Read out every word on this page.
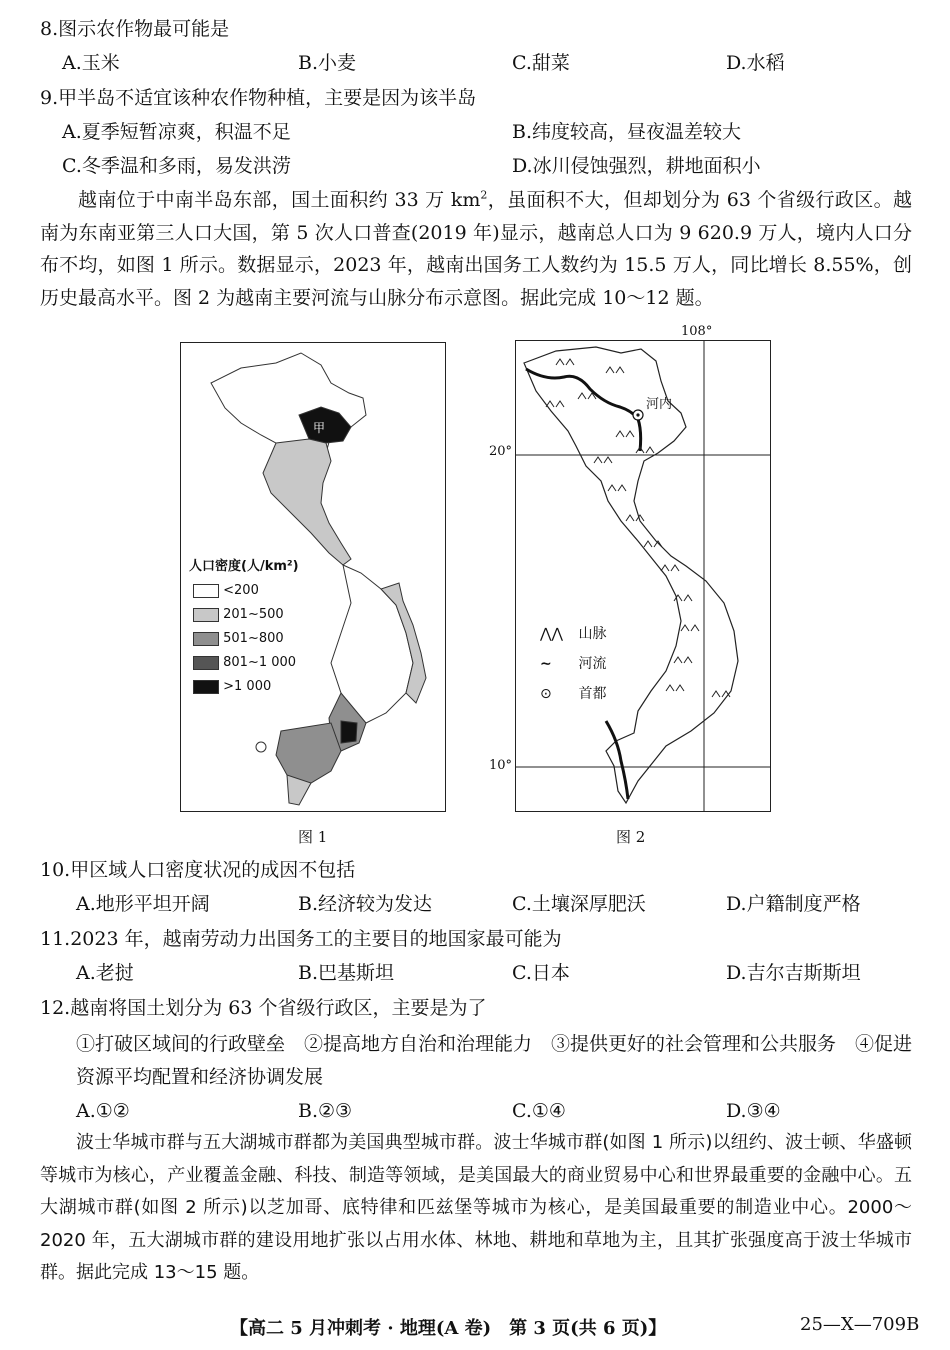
8.图示农作物最可能是
A.玉米	B.小麦	C.甜菜	D.水稻
9.甲半岛不适宜该种农作物种植，主要是因为该半岛
A.夏季短暂凉爽，积温不足	B.纬度较高，昼夜温差较大
C.冬季温和多雨，易发洪涝	D.冰川侵蚀强烈，耕地面积小
越南位于中南半岛东部，国土面积约 33 万 $km^2$，虽面积不大，但却划分为 63 个省级行政区。越南为东南亚第三人口大国，第 5 次人口普查(2019 年)显示，越南总人口为 9 620.9 万人，境内人口分布不均，如图 1 所示。数据显示，2023 年，越南出国务工人数约为 15.5 万人，同比增长 8.55%，创历史最高水平。图 2 为越南主要河流与山脉分布示意图。据此完成 10～12 题。
甲
人口密度(人/km²)
<200
201~500
501~800
801~1 000
>1 000
图 1
108°
河内
⋀⋀ 山脉
∼ 河流
⊙ 首都
20°
10°
图 2
10.甲区域人口密度状况的成因不包括
A.地形平坦开阔	B.经济较为发达	C.土壤深厚肥沃	D.户籍制度严格
11.2023 年，越南劳动力出国务工的主要目的地国家最可能为
A.老挝	B.巴基斯坦	C.日本	D.吉尔吉斯斯坦
12.越南将国土划分为 63 个省级行政区，主要是为了
①打破区域间的行政壁垒　②提高地方自治和治理能力　③提供更好的社会管理和公共服务　④促进资源平均配置和经济协调发展
A.①②	B.②③	C.①④	D.③④
波士华城市群与五大湖城市群都为美国典型城市群。波士华城市群(如图 1 所示)以纽约、波士顿、华盛顿等城市为核心，产业覆盖金融、科技、制造等领域，是美国最大的商业贸易中心和世界最重要的金融中心。五大湖城市群(如图 2 所示)以芝加哥、底特律和匹兹堡等城市为核心，是美国最重要的制造业中心。2000～2020 年，五大湖城市群的建设用地扩张以占用水体、林地、耕地和草地为主，且其扩张强度高于波士华城市群。据此完成 13～15 题。
【高二 5 月冲刺考 · 地理(A 卷)　第 3 页(共 6 页)】	25—X—709B
